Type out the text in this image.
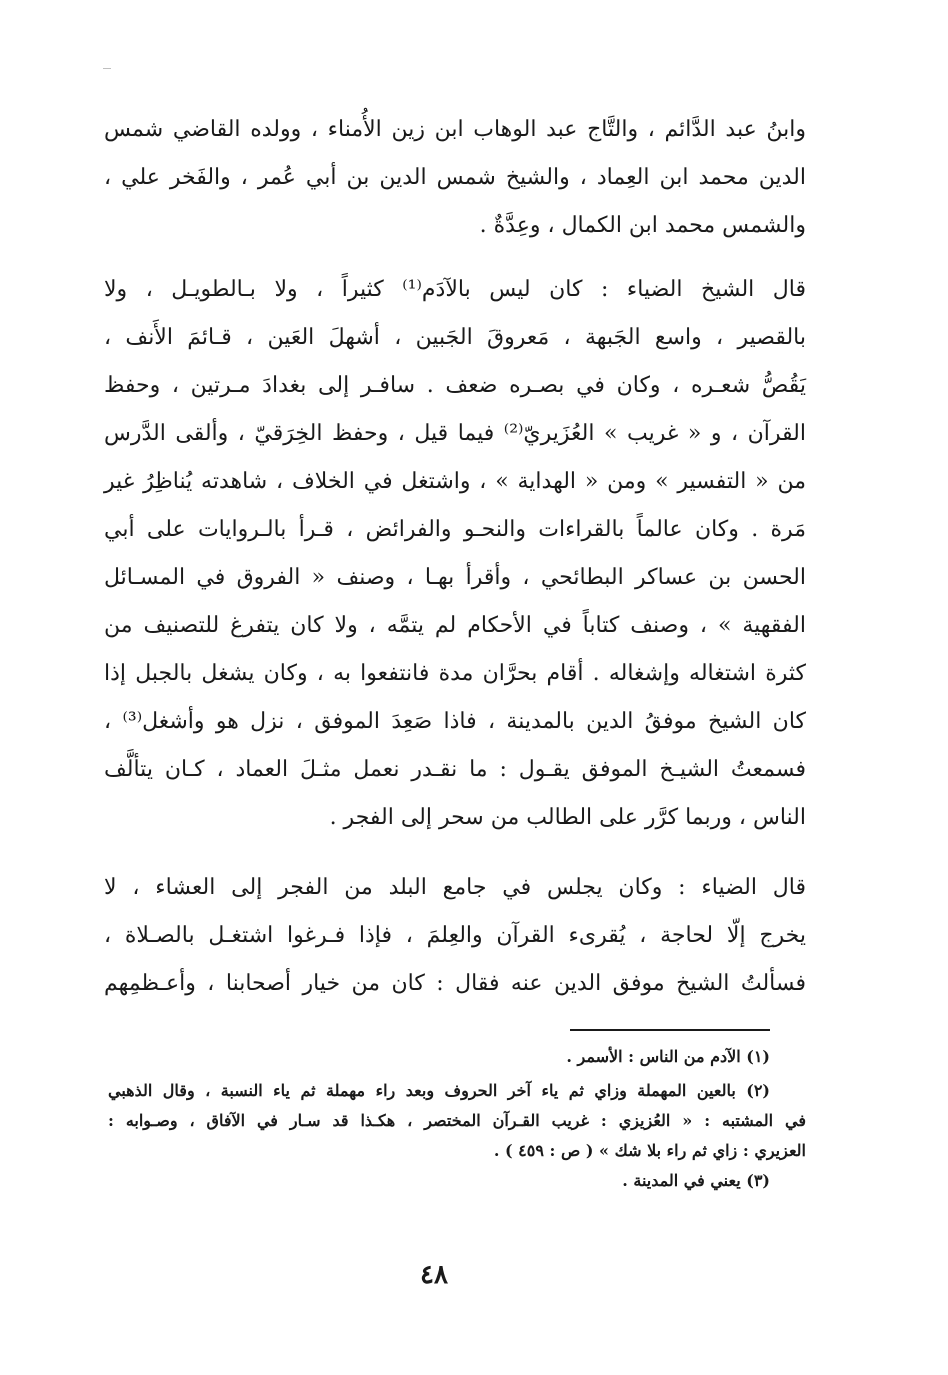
وابنُ عبد الدَّائم ، والتَّاج عبد الوهاب ابن زين الأُمناء ، وولده القاضي شمس
الدين محمد ابن العِماد ، والشيخ شمس الدين بن أبي عُمر ، والفَخر علي ،
والشمس محمد ابن الكمال ، وعِدَّةٌ .

قال الشيخ الضياء : كان ليس بالآدَم⁽¹⁾ كثيراً ، ولا بـالطويـل ، ولا
بالقصير ، واسع الجَبهة ، مَعروقَ الجَبين ، أشهلَ العَين ، قـائمَ الأَنف ،
يَقُصُّ شعـره ، وكان في بصـره ضعف . سافـر إلى بغدادَ مـرتين ، وحفظ
القرآن ، و « غريب » العُزَيريّ⁽²⁾ فيما قيل ، وحفظ الخِرَقيّ ، وألقى الدَّرس
من « التفسير » ومن « الهداية » ، واشتغل في الخلاف ، شاهدته يُناظِرُ غير
مَرة . وكان عالماً بالقراءات والنحـو والفرائض ، قـرأ بالـروايات على أبي
الحسن بن عساكر البطائحي ، وأقرأ بهـا ، وصنف « الفروق في المسـائل
الفقهية » ، وصنف كتاباً في الأحكام لم يتمَّه ، ولا كان يتفرغ للتصنيف من
كثرة اشتغاله وإشغاله . أقام بحرَّان مدة فانتفعوا به ، وكان يشغل بالجبل إذا
كان الشيخ موفقُ الدين بالمدينة ، فاذا صَعِدَ الموفق ، نزل هو وأشغل⁽³⁾ ،
فسمعتُ الشيـخ الموفق يقـول : ما نقـدر نعمل مثـلَ العماد ، كـان يتألَّف
الناس ، وربما كرَّر على الطالب من سحر إلى الفجر .

قال الضياء : وكان يجلس في جامع البلد من الفجر إلى العشاء ، لا
يخرج إلّا لحاجة ، يُقرىء القرآن والعِلمَ ، فإذا فـرغوا اشتغـل بالصـلاة ،
فسألتُ الشيخ موفق الدين عنه فقال : كان من خيار أصحابنا ، وأعـظمِهم

(١) الآدم من الناس : الأسمر .
(٢) بالعين المهملة وزاي ثم ياء آخر الحروف وبعد راء مهملة ثم ياء النسبة ، وقال الذهبي
في المشتبه : « العُزيزي : غريب القـرآن المختصر ، هكـذا قد سـار في الآفاق ، وصـوابه :
العزيري : زاي ثم راء بلا شك » ( ص : ٤٥٩ ) .
(٣) يعني في المدينة .
٤٨
